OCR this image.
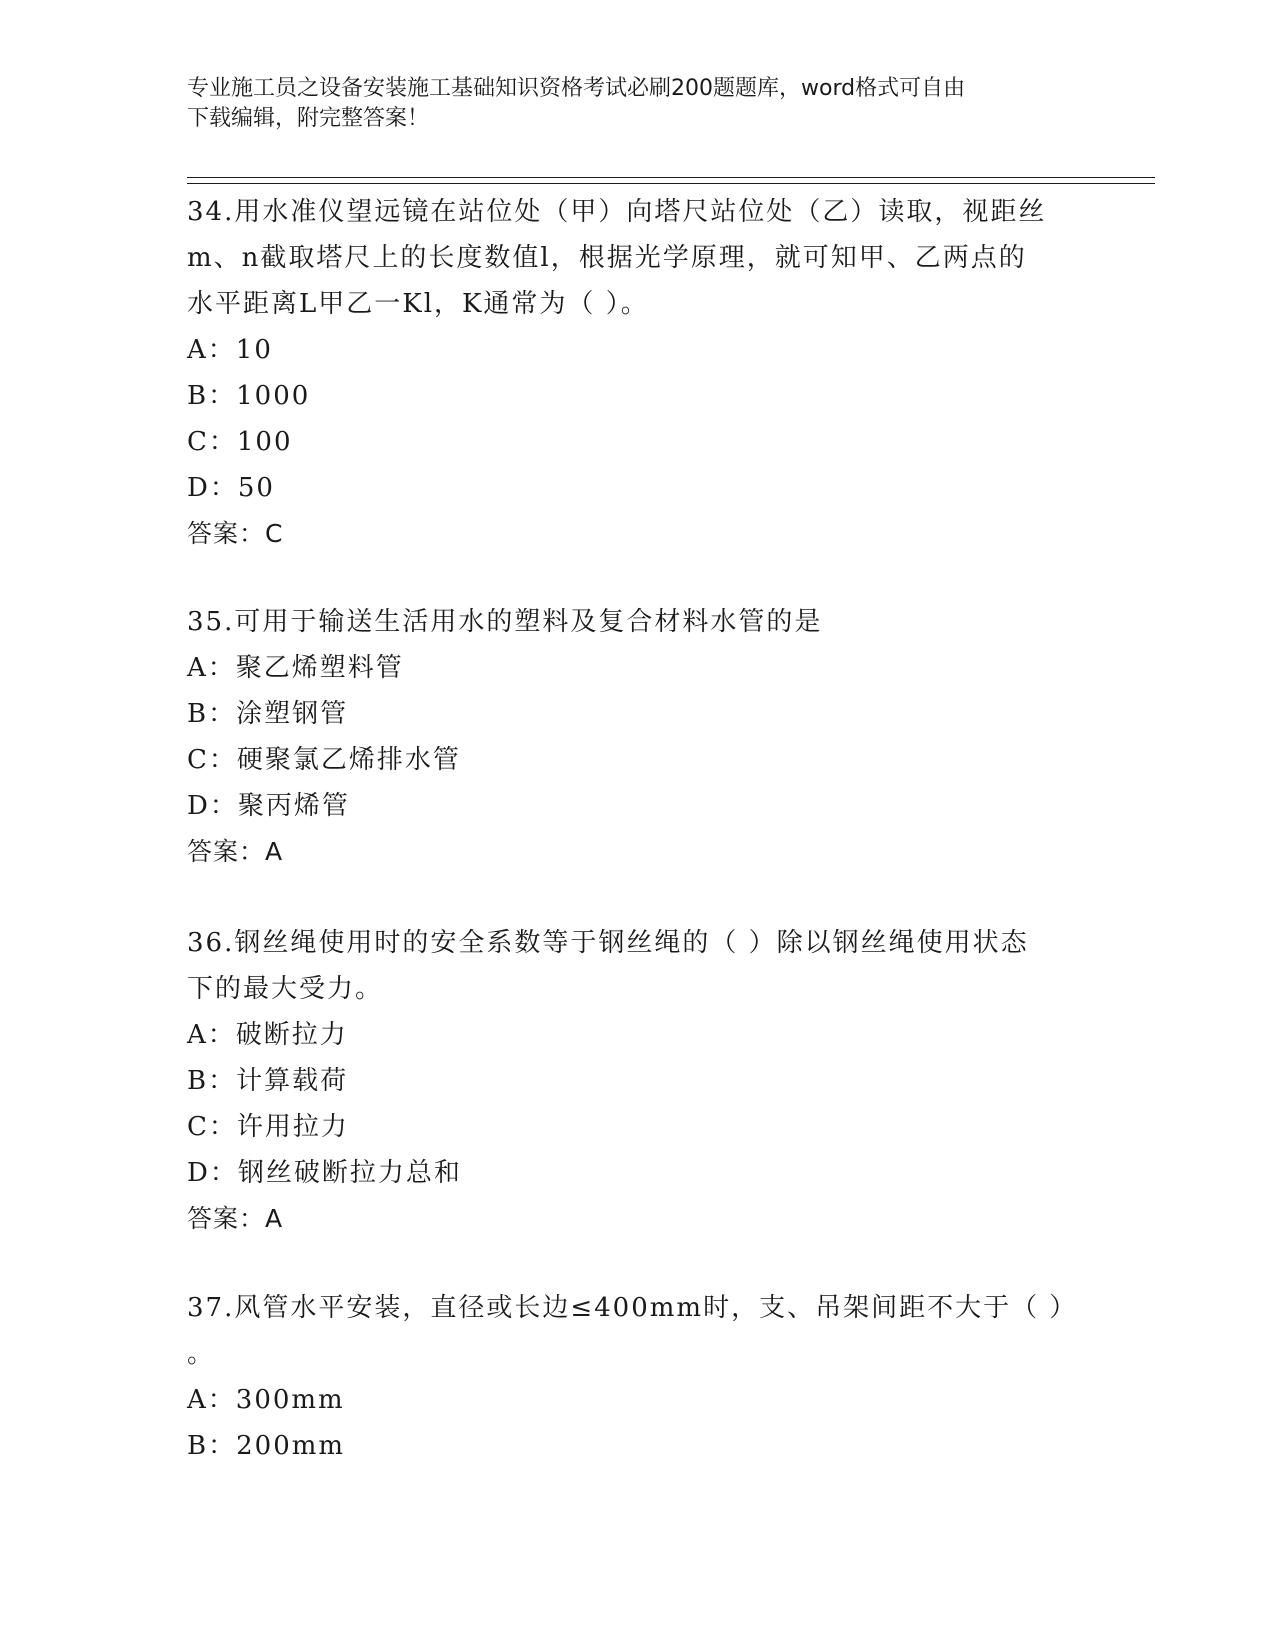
专业施工员之设备安装施工基础知识资格考试必刷200题题库，word格式可自由
下载编辑，附完整答案！

34.用水准仪望远镜在站位处（甲）向塔尺站位处（乙）读取，视距丝

m、n截取塔尺上的长度数值l，根据光学原理，就可知甲、乙两点的

水平距离L甲乙一Kl，K通常为（ ）。

A：10

B：1000

C：100

D：50

答案：C

35.可用于输送生活用水的塑料及复合材料水管的是

A：聚乙烯塑料管

B：涂塑钢管

C：硬聚氯乙烯排水管

D：聚丙烯管

答案：A

36.钢丝绳使用时的安全系数等于钢丝绳的（ ）除以钢丝绳使用状态

下的最大受力。

A：破断拉力

B：计算载荷

C：许用拉力

D：钢丝破断拉力总和

答案：A

37.风管水平安装，直径或长边≤400mm时，支、吊架间距不大于（ ）

。

A：300mm

B：200mm
